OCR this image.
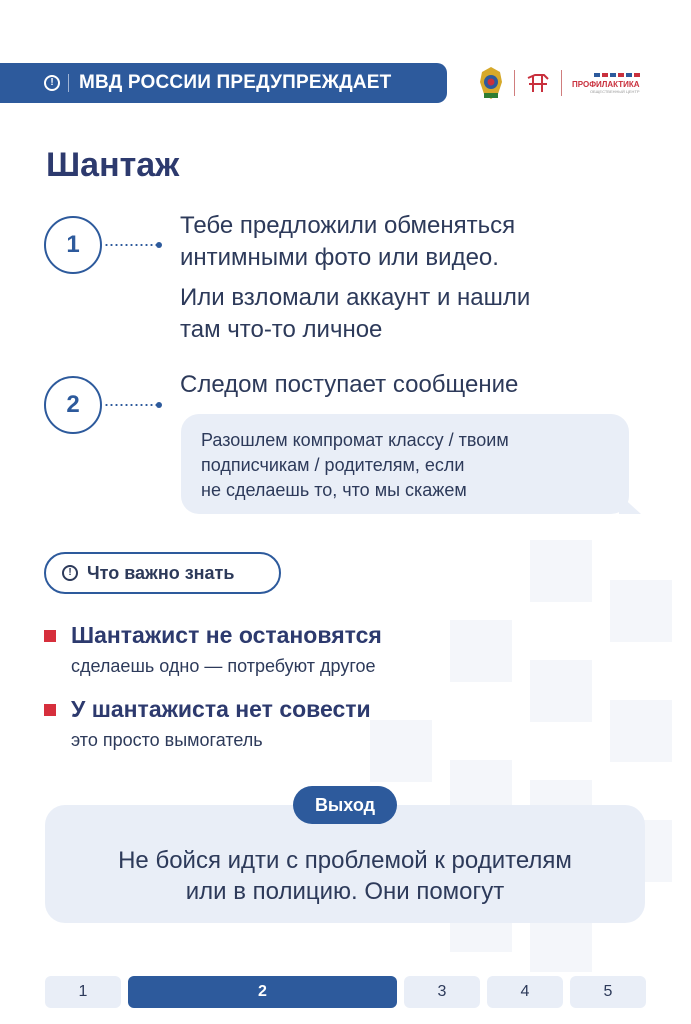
!	МВД РОССИИ ПРЕДУПРЕЖДАЕТ	ПРОФИЛАКТИКА
ОБЩЕСТВЕННЫЙ ЦЕНТР
Шантаж
1
Тебе предложили обменяться
интимными фото или видео.
Или взломали аккаунт и нашли
там что-то личное
2
Следом поступает сообщение
Разошлем компромат классу / твоим
подписчикам / родителям, если
не сделаешь то, что мы скажем
! Что важно знать
Шантажист не остановятся
сделаешь одно — потребуют другое
У шантажиста нет совести
это просто вымогатель
Выход
Не бойся идти с проблемой к родителям
или в полицию. Они помогут
1	2	3	4	5
